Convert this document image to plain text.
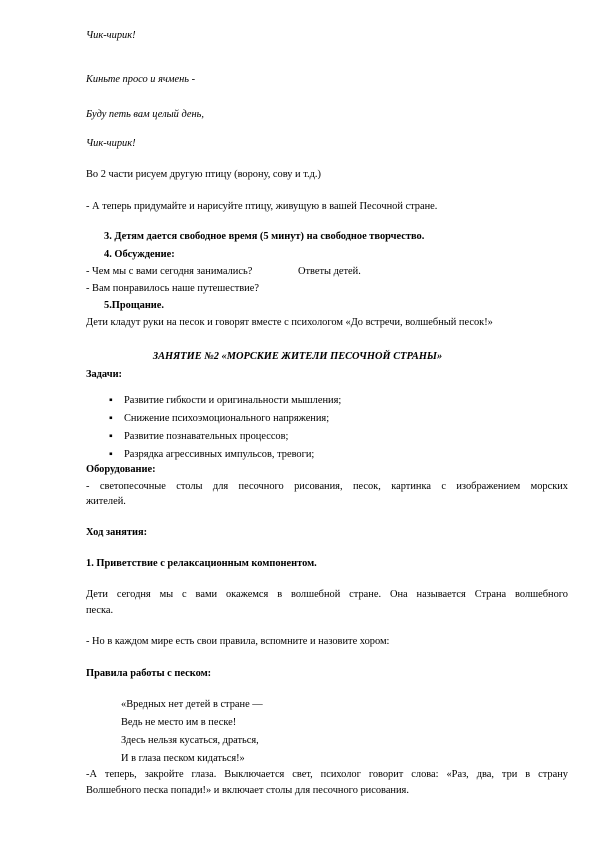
Чик-чирик!
Киньте просо и ячмень -
Буду петь вам целый день,
Чик-чирик!
Во 2 части рисуем другую птицу (ворону, сову и т.д.)
- А теперь придумайте и нарисуйте птицу, живущую в вашей Песочной стране.
3. Детям дается свободное время (5 минут) на свободное творчество.
4. Обсуждение:
- Чем мы с вами сегодня занимались?	Ответы детей.
- Вам понравилось наше путешествие?
5.Прощание.
Дети кладут руки на песок и говорят вместе с психологом «До встречи, волшебный песок!»
ЗАНЯТИЕ №2 «МОРСКИЕ ЖИТЕЛИ ПЕСОЧНОЙ СТРАНЫ»
Задачи:
▪ Развитие гибкости и оригинальности мышления;
▪ Снижение психоэмоционального напряжения;
▪ Развитие познавательных процессов;
▪ Разрядка агрессивных импульсов, тревоги;
Оборудование:
- светопесочные столы для песочного рисования, песок, картинка с изображением морских
жителей.
Ход занятия:
1. Приветствие с релаксационным компонентом.
Дети сегодня мы с вами окажемся в волшебной стране. Она называется Страна волшебного
песка.
- Но в каждом мире есть свои правила, вспомните и назовите хором:
Правила работы с песком:
«Вредных нет детей в стране —
Ведь не место им в песке!
Здесь нельзя кусаться, драться,
И в глаза песком кидаться!»
-А теперь, закройте глаза. Выключается свет, психолог говорит слова: «Раз, два, три в страну
Волшебного песка попади!» и включает столы для песочного рисования.
